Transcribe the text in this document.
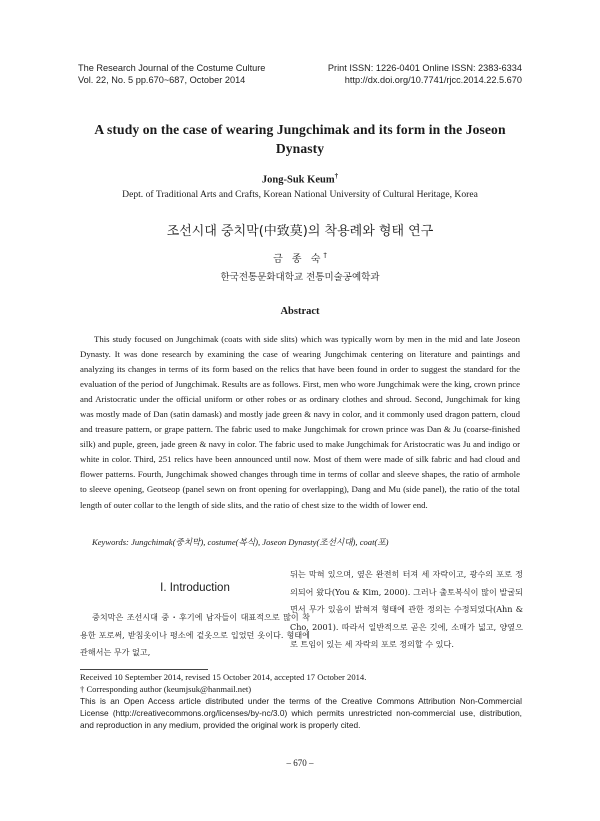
The Research Journal of the Costume Culture	Print ISSN: 1226-0401 Online ISSN: 2383-6334
Vol. 22, No. 5 pp.670~687, October 2014	http://dx.doi.org/10.7741/rjcc.2014.22.5.670
A study on the case of wearing Jungchimak and its form in the Joseon Dynasty
Jong-Suk Keum†
Dept. of Traditional Arts and Crafts, Korean National University of Cultural Heritage, Korea
조선시대 중치막(中致莫)의 착용례와 형태 연구
금 종 숙†
한국전통문화대학교 전통미술공예학과
Abstract

This study focused on Jungchimak (coats with side slits) which was typically worn by men in the mid and late Joseon Dynasty. It was done research by examining the case of wearing Jungchimak centering on literature and paintings and analyzing its changes in terms of its form based on the relics that have been found in order to suggest the standard for the evaluation of the period of Jungchimak. Results are as follows. First, men who wore Jungchimak were the king, crown prince and Aristocratic under the official uniform or other robes or as ordinary clothes and shroud. Second, Jungchimak for king was mostly made of Dan (satin damask) and mostly jade green & navy in color, and it commonly used dragon pattern, cloud and treasure pattern, or grape pattern. The fabric used to make Jungchimak for crown prince was Dan & Ju (coarse-finished silk) and puple, green, jade green & navy in color. The fabric used to make Jungchimak for Aristocratic was Ju and indigo or white in color. Third, 251 relics have been announced until now. Most of them were made of silk fabric and had cloud and flower patterns. Fourth, Jungchimak showed changes through time in terms of collar and sleeve shapes, the ratio of armhole to sleeve opening, Geotseop (panel sewn on front opening for overlapping), Dang and Mu (side panel), the ratio of the total length of outer collar to the length of side slits, and the ratio of chest size to the width of lower end.

Keywords: Jungchimak(중치막), costume(복식), Joseon Dynasty(조선시대), coat(포)
I. Introduction

중치막은 조선시대 중・후기에 남자들이 대표적으로 많이 착용한 포로써, 받침옷이나 평소에 겉옷으로 입었던 옷이다. 형태에 관해서는 무가 없고,

뒤는 막혀 있으며, 옆은 완전히 터져 세 자락이고, 광수의 포로 정의되어 왔다(You & Kim, 2000). 그러나 출토복식이 많이 발굴되면서 무가 있음이 밝혀져 형태에 관한 정의는 수정되었다(Ahn & Cho, 2001). 따라서 일반적으로 곧은 깃에, 소매가 넓고, 양옆으로 트임이 있는 세 자락의 포로 정의할 수 있다.

Received 10 September 2014, revised 15 October 2014, accepted 17 October 2014.
† Corresponding author (keumjsuk@hanmail.net)
This is an Open Access article distributed under the terms of the Creative Commons Attribution Non-Commercial License (http://creativecommons.org/licenses/by-nc/3.0) which permits unrestricted non-commercial use, distribution, and reproduction in any medium, provided the original work is properly cited.
– 670 –
